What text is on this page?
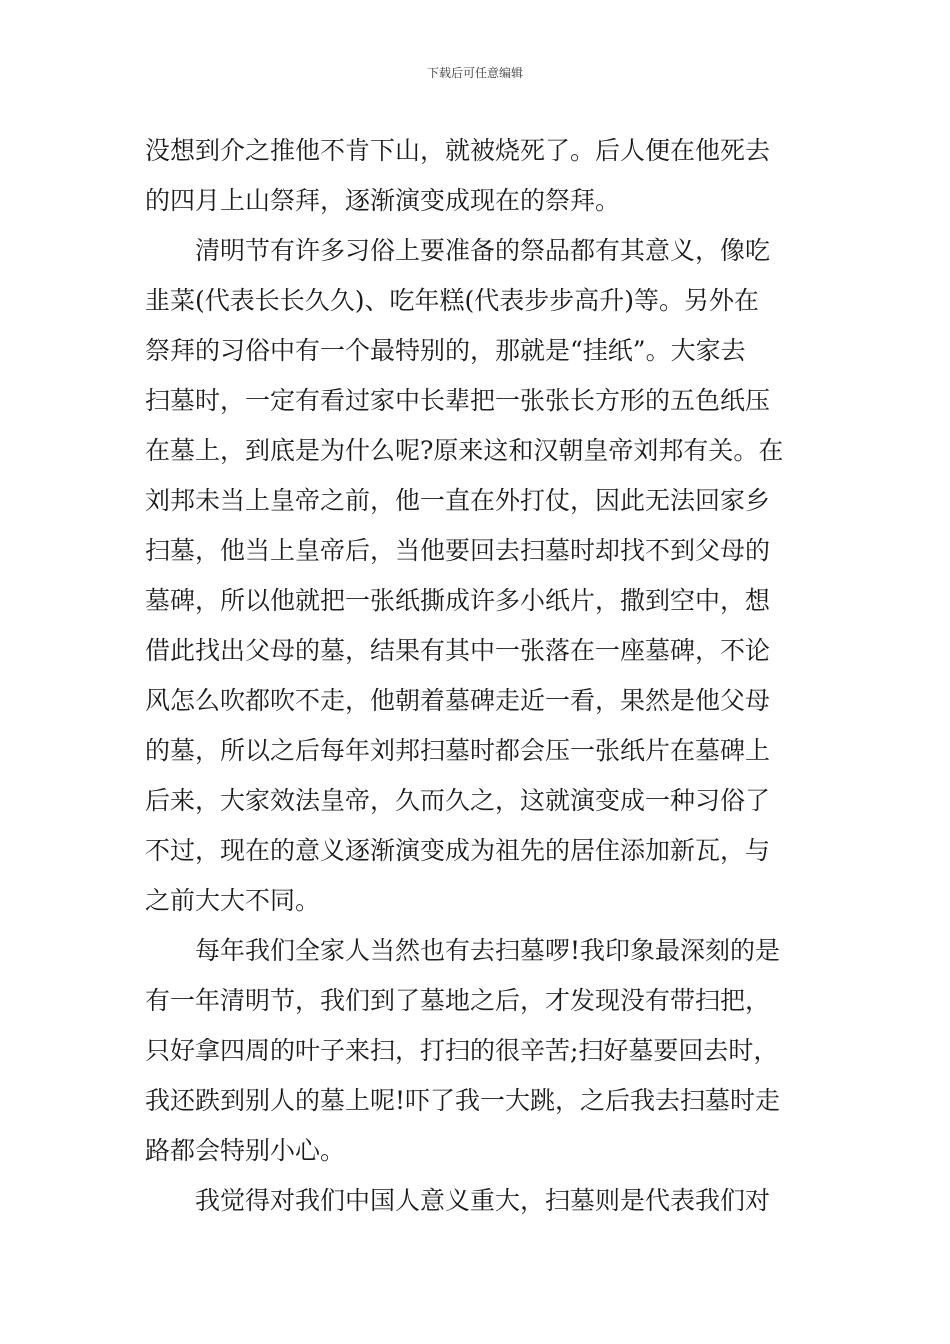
下载后可任意编辑
没想到介之推他不肯下山，就被烧死了。后人便在他死去
的四月上山祭拜，逐渐演变成现在的祭拜。
清明节有许多习俗上要准备的祭品都有其意义，像吃
韭菜(代表长长久久)、吃年糕(代表步步高升)等。另外在
祭拜的习俗中有一个最特别的，那就是“挂纸”。大家去
扫墓时，一定有看过家中长辈把一张张长方形的五色纸压
在墓上，到底是为什么呢?原来这和汉朝皇帝刘邦有关。在
刘邦未当上皇帝之前，他一直在外打仗，因此无法回家乡
扫墓，他当上皇帝后，当他要回去扫墓时却找不到父母的
墓碑，所以他就把一张纸撕成许多小纸片，撒到空中，想
借此找出父母的墓，结果有其中一张落在一座墓碑，不论
风怎么吹都吹不走，他朝着墓碑走近一看，果然是他父母
的墓，所以之后每年刘邦扫墓时都会压一张纸片在墓碑上
后来，大家效法皇帝，久而久之，这就演变成一种习俗了
不过，现在的意义逐渐演变成为祖先的居住添加新瓦，与
之前大大不同。
每年我们全家人当然也有去扫墓啰!我印象最深刻的是
有一年清明节，我们到了墓地之后，才发现没有带扫把，
只好拿四周的叶子来扫，打扫的很辛苦;扫好墓要回去时，
我还跌到别人的墓上呢!吓了我一大跳，之后我去扫墓时走
路都会特别小心。
我觉得对我们中国人意义重大，扫墓则是代表我们对
